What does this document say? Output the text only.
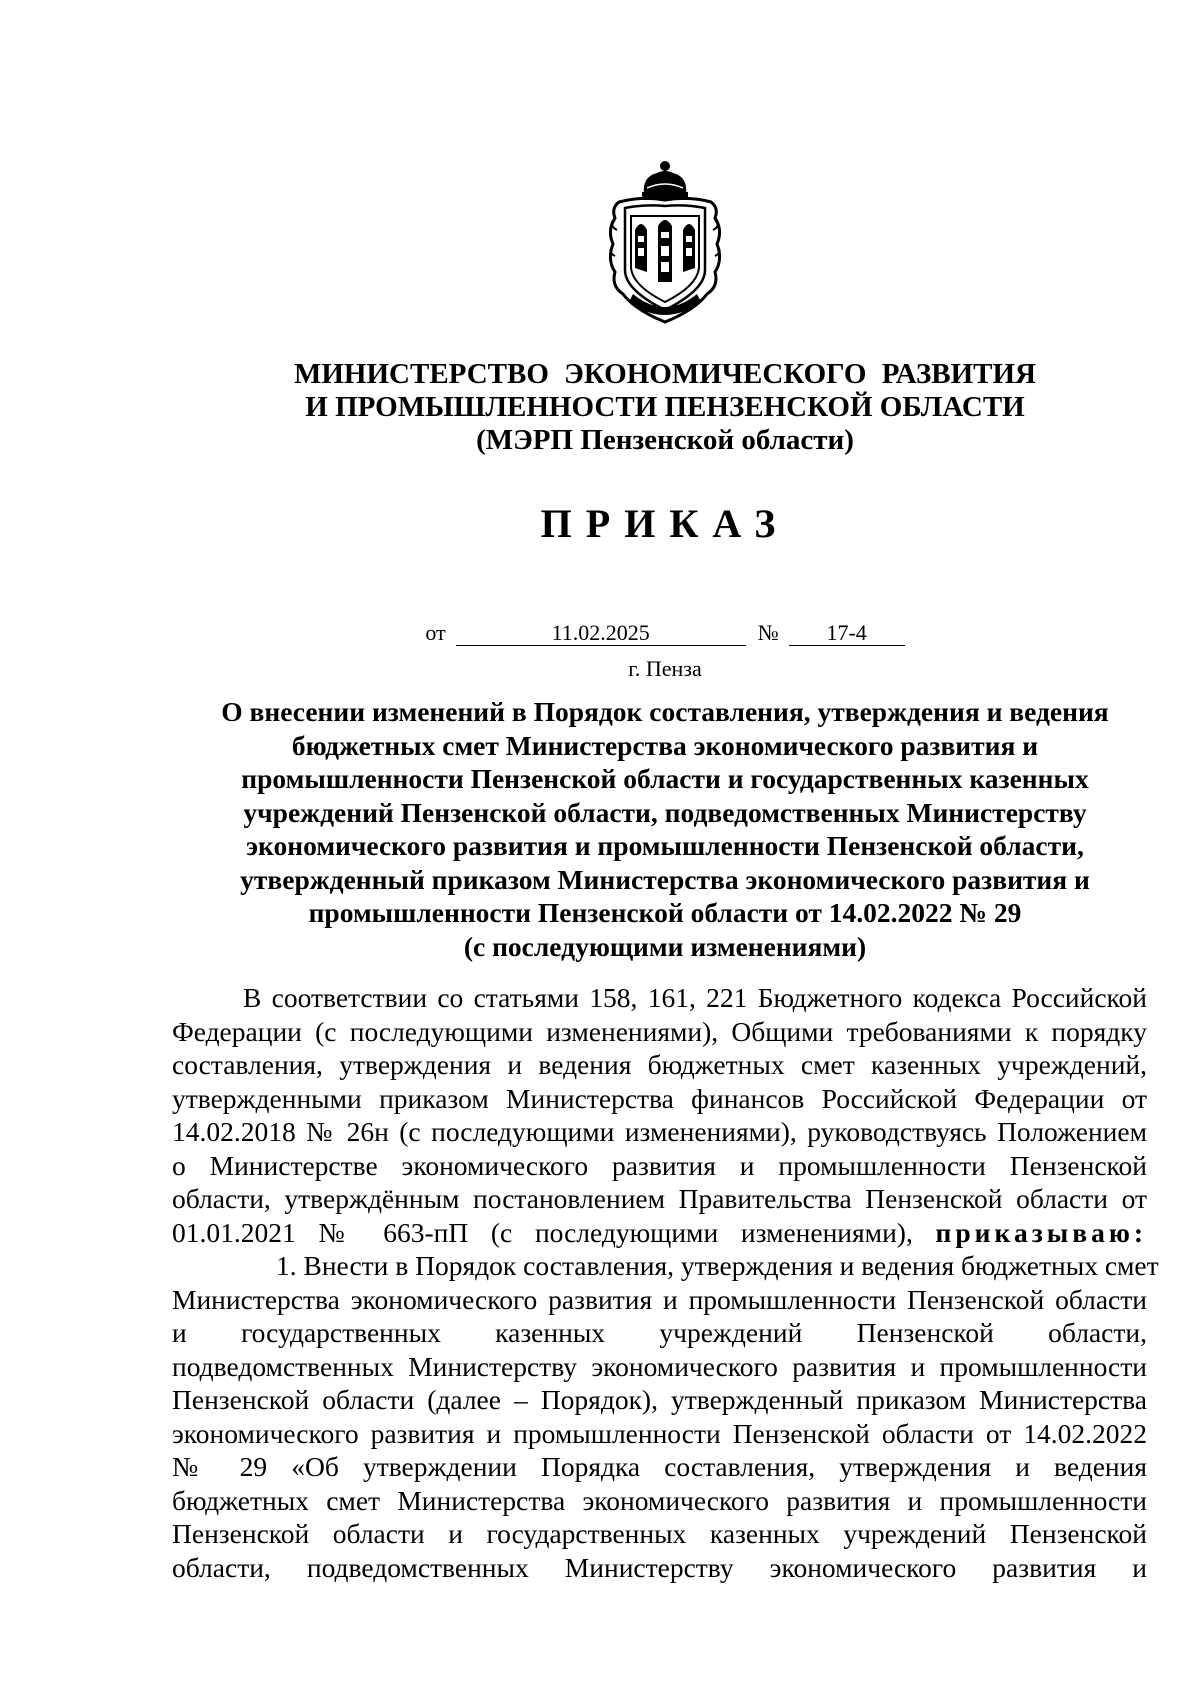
МИНИСТЕРСТВО ЭКОНОМИЧЕСКОГО РАЗВИТИЯ
И ПРОМЫШЛЕННОСТИ ПЕНЗЕНСКОЙ ОБЛАСТИ
(МЭРП Пензенской области)
ПРИКАЗ
от	11.02.2025	№ 17-4
г. Пенза
О внесении изменений в Порядок составления, утверждения и ведения
бюджетных смет Министерства экономического развития и
промышленности Пензенской области и государственных казенных
учреждений Пензенской области, подведомственных Министерству
экономического развития и промышленности Пензенской области,
утвержденный приказом Министерства экономического развития и
промышленности Пензенской области от 14.02.2022 № 29
(с последующими изменениями)
В соответствии со статьями 158, 161, 221 Бюджетного кодекса Российской
Федерации (с последующими изменениями), Общими требованиями к порядку
составления, утверждения и ведения бюджетных смет казенных учреждений,
утвержденными приказом Министерства финансов Российской Федерации от
14.02.2018 № 26н (с последующими изменениями), руководствуясь Положением
о Министерстве экономического развития и промышленности Пензенской
области, утверждённым постановлением Правительства Пензенской области от
01.01.2021 № 663-пП (с последующими изменениями), приказываю:
1. Внести в Порядок составления, утверждения и ведения бюджетных смет
Министерства экономического развития и промышленности Пензенской области
и государственных казенных учреждений Пензенской области,
подведомственных Министерству экономического развития и промышленности
Пензенской области (далее – Порядок), утвержденный приказом Министерства
экономического развития и промышленности Пензенской области от 14.02.2022
№ 29 «Об утверждении Порядка составления, утверждения и ведения
бюджетных смет Министерства экономического развития и промышленности
Пензенской области и государственных казенных учреждений Пензенской
области, подведомственных Министерству экономического развития и
